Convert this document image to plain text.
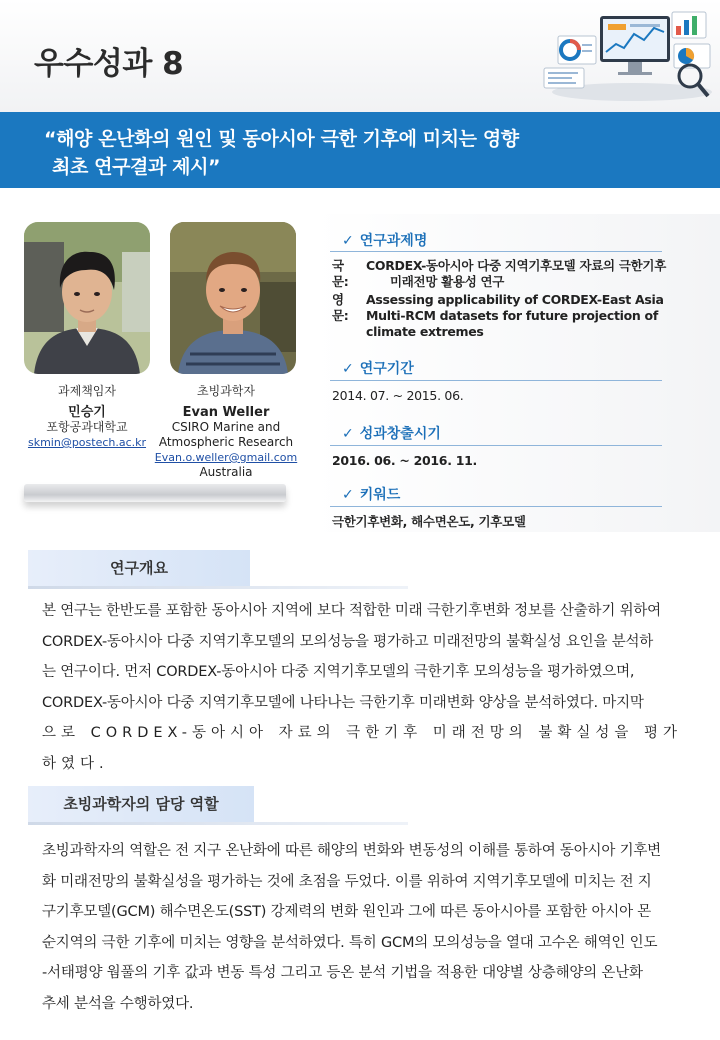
우수성과 8
“해양 온난화의 원인 및 동아시아 극한 기후에 미치는 영향
최초 연구결과 제시”
과제책임자
민승기
포항공과대학교
skmin@postech.ac.kr
초빙과학자
Evan Weller
CSIRO Marine and
Atmospheric Research
Evan.o.weller@gmail.com
Australia
✓ 연구과제명
국문:
CORDEX-동아시아 다중 지역기후모델 자료의 극한기후
미래전망 활용성 연구
영문:
Assessing applicability of CORDEX-East Asia
Multi-RCM datasets for future projection of
climate extremes
✓ 연구기간
2014. 07. ~ 2015. 06.
✓ 성과창출시기
2016. 06. ~ 2016. 11.
✓ 키워드
극한기후변화, 해수면온도, 기후모델
연구개요
본 연구는 한반도를 포함한 동아시아 지역에 보다 적합한 미래 극한기후변화 정보를 산출하기 위하여
CORDEX-동아시아 다중 지역기후모델의 모의성능을 평가하고 미래전망의 불확실성 요인을 분석하
는 연구이다. 먼저 CORDEX-동아시아 다중 지역기후모델의 극한기후 모의성능을 평가하였으며,
CORDEX-동아시아 다중 지역기후모델에 나타나는 극한기후 미래변화 양상을 분석하였다. 마지막
으로 CORDEX-동아시아 자료의 극한기후 미래전망의 불확실성을 평가하였다.
초빙과학자의 담당 역할
초빙과학자의 역할은 전 지구 온난화에 따른 해양의 변화와 변동성의 이해를 통하여 동아시아 기후변
화 미래전망의 불확실성을 평가하는 것에 초점을 두었다. 이를 위하여 지역기후모델에 미치는 전 지
구기후모델(GCM) 해수면온도(SST) 강제력의 변화 원인과 그에 따른 동아시아를 포함한 아시아 몬
순지역의 극한 기후에 미치는 영향을 분석하였다. 특히 GCM의 모의성능을 열대 고수온 해역인 인도
-서태평양 웜풀의 기후 값과 변동 특성 그리고 등온 분석 기법을 적용한 대양별 상층해양의 온난화
추세 분석을 수행하였다.
